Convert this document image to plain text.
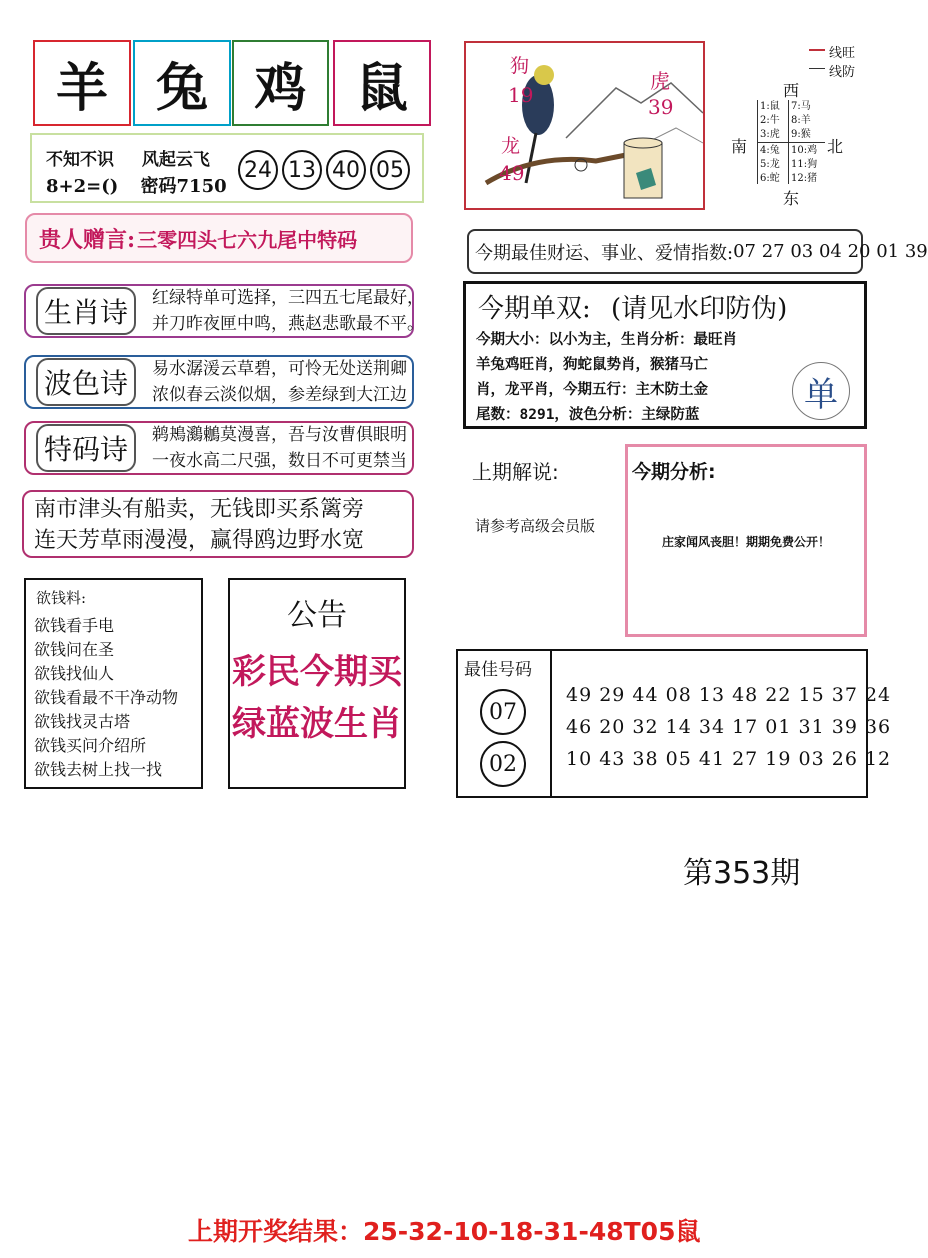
羊 兔 鸡 鼠
不知不识 风起云飞
8+2=() 密码7150
24 13 40 05
贵人赠言: 三零四头七六九尾中特码
生肖诗	红绿特单可选择，三四五七尾最好，
并刀昨夜匣中鸣，燕赵悲歌最不平。
波色诗	易水潺湲云草碧，可怜无处送荆卿
浓似春云淡似烟，参差绿到大江边
特码诗	鹈鴂鸂鶒莫漫喜，吾与汝曹俱眼明
一夜水高二尺强，数日不可更禁当
南市津头有船卖，无钱即买系篱旁
连天芳草雨漫漫，赢得鸥边野水宽
欲钱料:
欲钱看手电
欲钱问在圣
欲钱找仙人
欲钱看最不干净动物
欲钱找灵古塔
欲钱买问介绍所
欲钱去树上找一找
公告
彩民今期买
绿蓝波生肖
狗
19
虎
39
龙
49
线旺
线防
西
南	北
东
1:鼠
2:牛
3:虎
7:马
8:羊
9:猴
4:兔
5:龙
6:蛇
10:鸡
11:狗
12:猪
今期最佳财运、事业、爱情指数: 07 27 03 04 20 01 39
今期单双: (请见水印防伪)
今期大小：以小为主，生肖分析：最旺肖
羊兔鸡旺肖，狗蛇鼠势肖，猴猪马亡
肖，龙平肖，今期五行：主木防土金
尾数：8291，波色分析：主绿防蓝
单
上期解说:
请参考高级会员版
今期分析:
庄家闻风丧胆！期期免费公开！
最佳号码
07
02
49 29 44 08 13 48 22 15 37 24
46 20 32 14 34 17 01 31 39 36
10 43 38 05 41 27 19 03 26 12
第353期
上期开奖结果：25-32-10-18-31-48T05鼠
